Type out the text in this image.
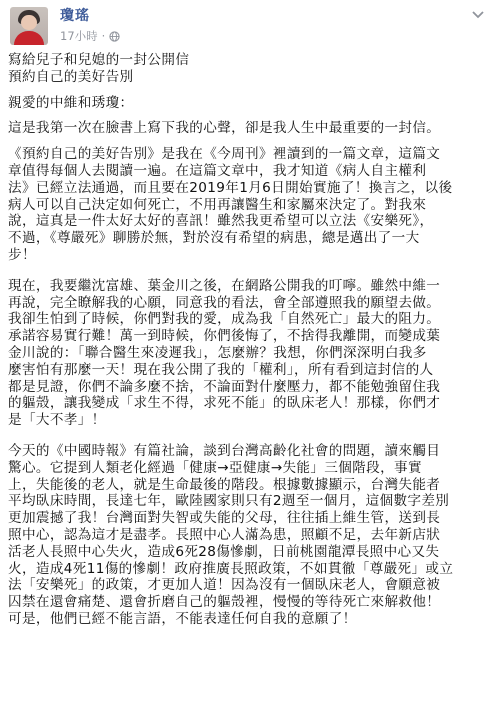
瓊瑤
17小時 ·
寫給兒子和兒媳的一封公開信
預約自己的美好告別
親愛的中維和琇瓊：
這是我第一次在臉書上寫下我的心聲，卻是我人生中最重要的一封信。
《預約自己的美好告別》是我在《今周刊》裡讀到的一篇文章，這篇文
章值得每個人去閱讀一遍。在這篇文章中，我才知道《病人自主權利
法》已經立法通過，而且要在2019年1月6日開始實施了！換言之，以後
病人可以自己決定如何死亡，不用再讓醫生和家屬來決定了。對我來
說，這真是一件太好太好的喜訊！雖然我更希望可以立法《安樂死》，
不過，《尊嚴死》聊勝於無，對於沒有希望的病患，總是邁出了一大
步！
現在，我要繼沈富雄、葉金川之後，在網路公開我的叮嚀。雖然中維一
再說，完全瞭解我的心願，同意我的看法，會全部遵照我的願望去做。
我卻生怕到了時候，你們對我的愛，成為我「自然死亡」最大的阻力。
承諾容易實行難！萬一到時候，你們後悔了，不捨得我離開，而變成葉
金川說的：「聯合醫生來凌遲我」，怎麼辦？我想，你們深深明白我多
麼害怕有那麼一天！現在我公開了我的「權利」，所有看到這封信的人
都是見證，你們不論多麼不捨，不論面對什麼壓力，都不能勉強留住我
的軀殼，讓我變成「求生不得，求死不能」的臥床老人！那樣，你們才
是「大不孝」！
今天的《中國時報》有篇社論，談到台灣高齡化社會的問題，讀來觸目
驚心。它提到人類老化經過「健康→亞健康→失能」三個階段，事實
上，失能後的老人，就是生命最後的階段。根據數據顯示，台灣失能者
平均臥床時間，長達七年，歐陸國家則只有2週至一個月，這個數字差別
更加震撼了我！台灣面對失智或失能的父母，往往插上維生管，送到長
照中心，認為這才是盡孝。長照中心人滿為患，照顧不足，去年新店狀
活老人長照中心失火，造成6死28傷慘劇，日前桃園龍潭長照中心又失
火，造成4死11傷的慘劇！政府推廣長照政策，不如貫徹「尊嚴死」或立
法「安樂死」的政策，才更加人道！因為沒有一個臥床老人，會願意被
囚禁在還會痛楚、還會折磨自己的軀殼裡，慢慢的等待死亡來解救他！
可是，他們已經不能言語，不能表達任何自我的意願了！
